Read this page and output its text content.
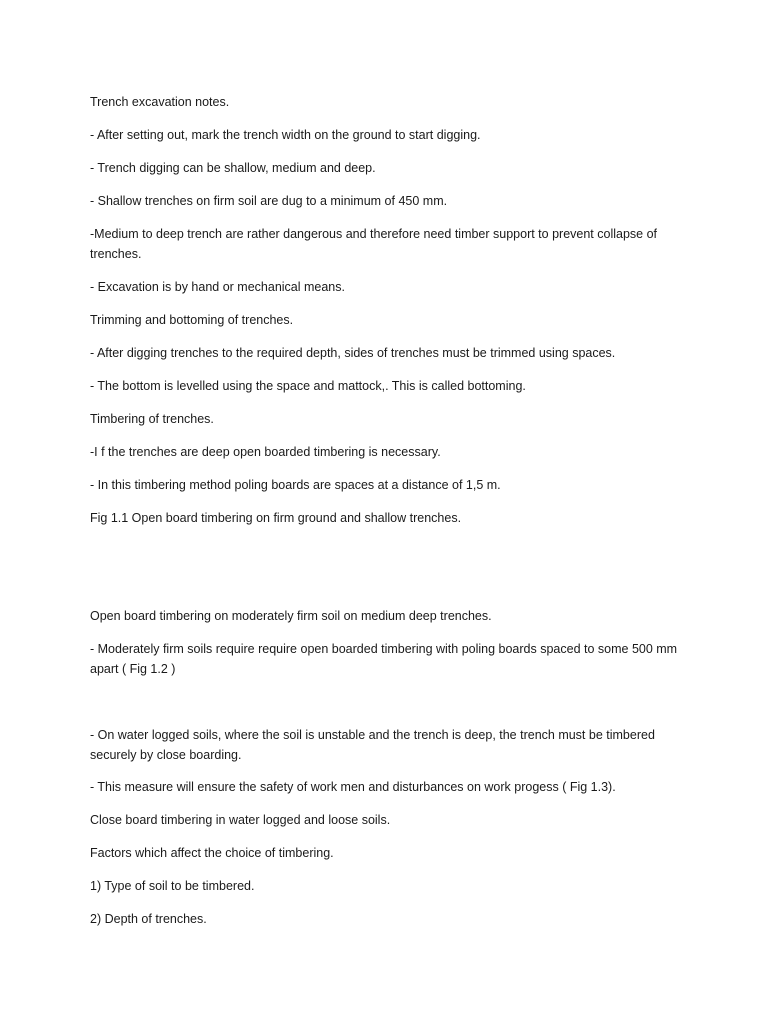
Trench excavation notes.

- After setting out, mark the trench width on the ground to start digging.

- Trench digging can be shallow, medium and deep.

- Shallow trenches on firm soil are dug to a minimum of 450 mm.

-Medium to deep trench are rather dangerous and therefore need timber support to prevent collapse of trenches.

- Excavation is by hand or mechanical means.

Trimming and bottoming of trenches.

- After digging trenches to the required depth, sides of trenches must be trimmed using spaces.

- The bottom is levelled using the space and mattock,. This is called bottoming.

Timbering of trenches.

-I f the trenches are deep open boarded timbering is necessary.

- In this timbering method poling boards are spaces at a distance of 1,5 m.

Fig 1.1 Open board timbering on firm ground and shallow trenches.

Open board timbering on moderately firm soil on medium deep trenches.

- Moderately firm soils require require open boarded timbering with poling boards spaced to some 500 mm apart ( Fig 1.2 )

- On water logged soils, where the soil is unstable and the trench is deep, the trench must be timbered securely by close boarding.

- This measure will ensure the safety of work men and disturbances on work progess ( Fig 1.3).

Close board timbering in water logged and loose soils.

Factors which affect the choice of timbering.

1) Type of soil to be timbered.

2) Depth of trenches.
